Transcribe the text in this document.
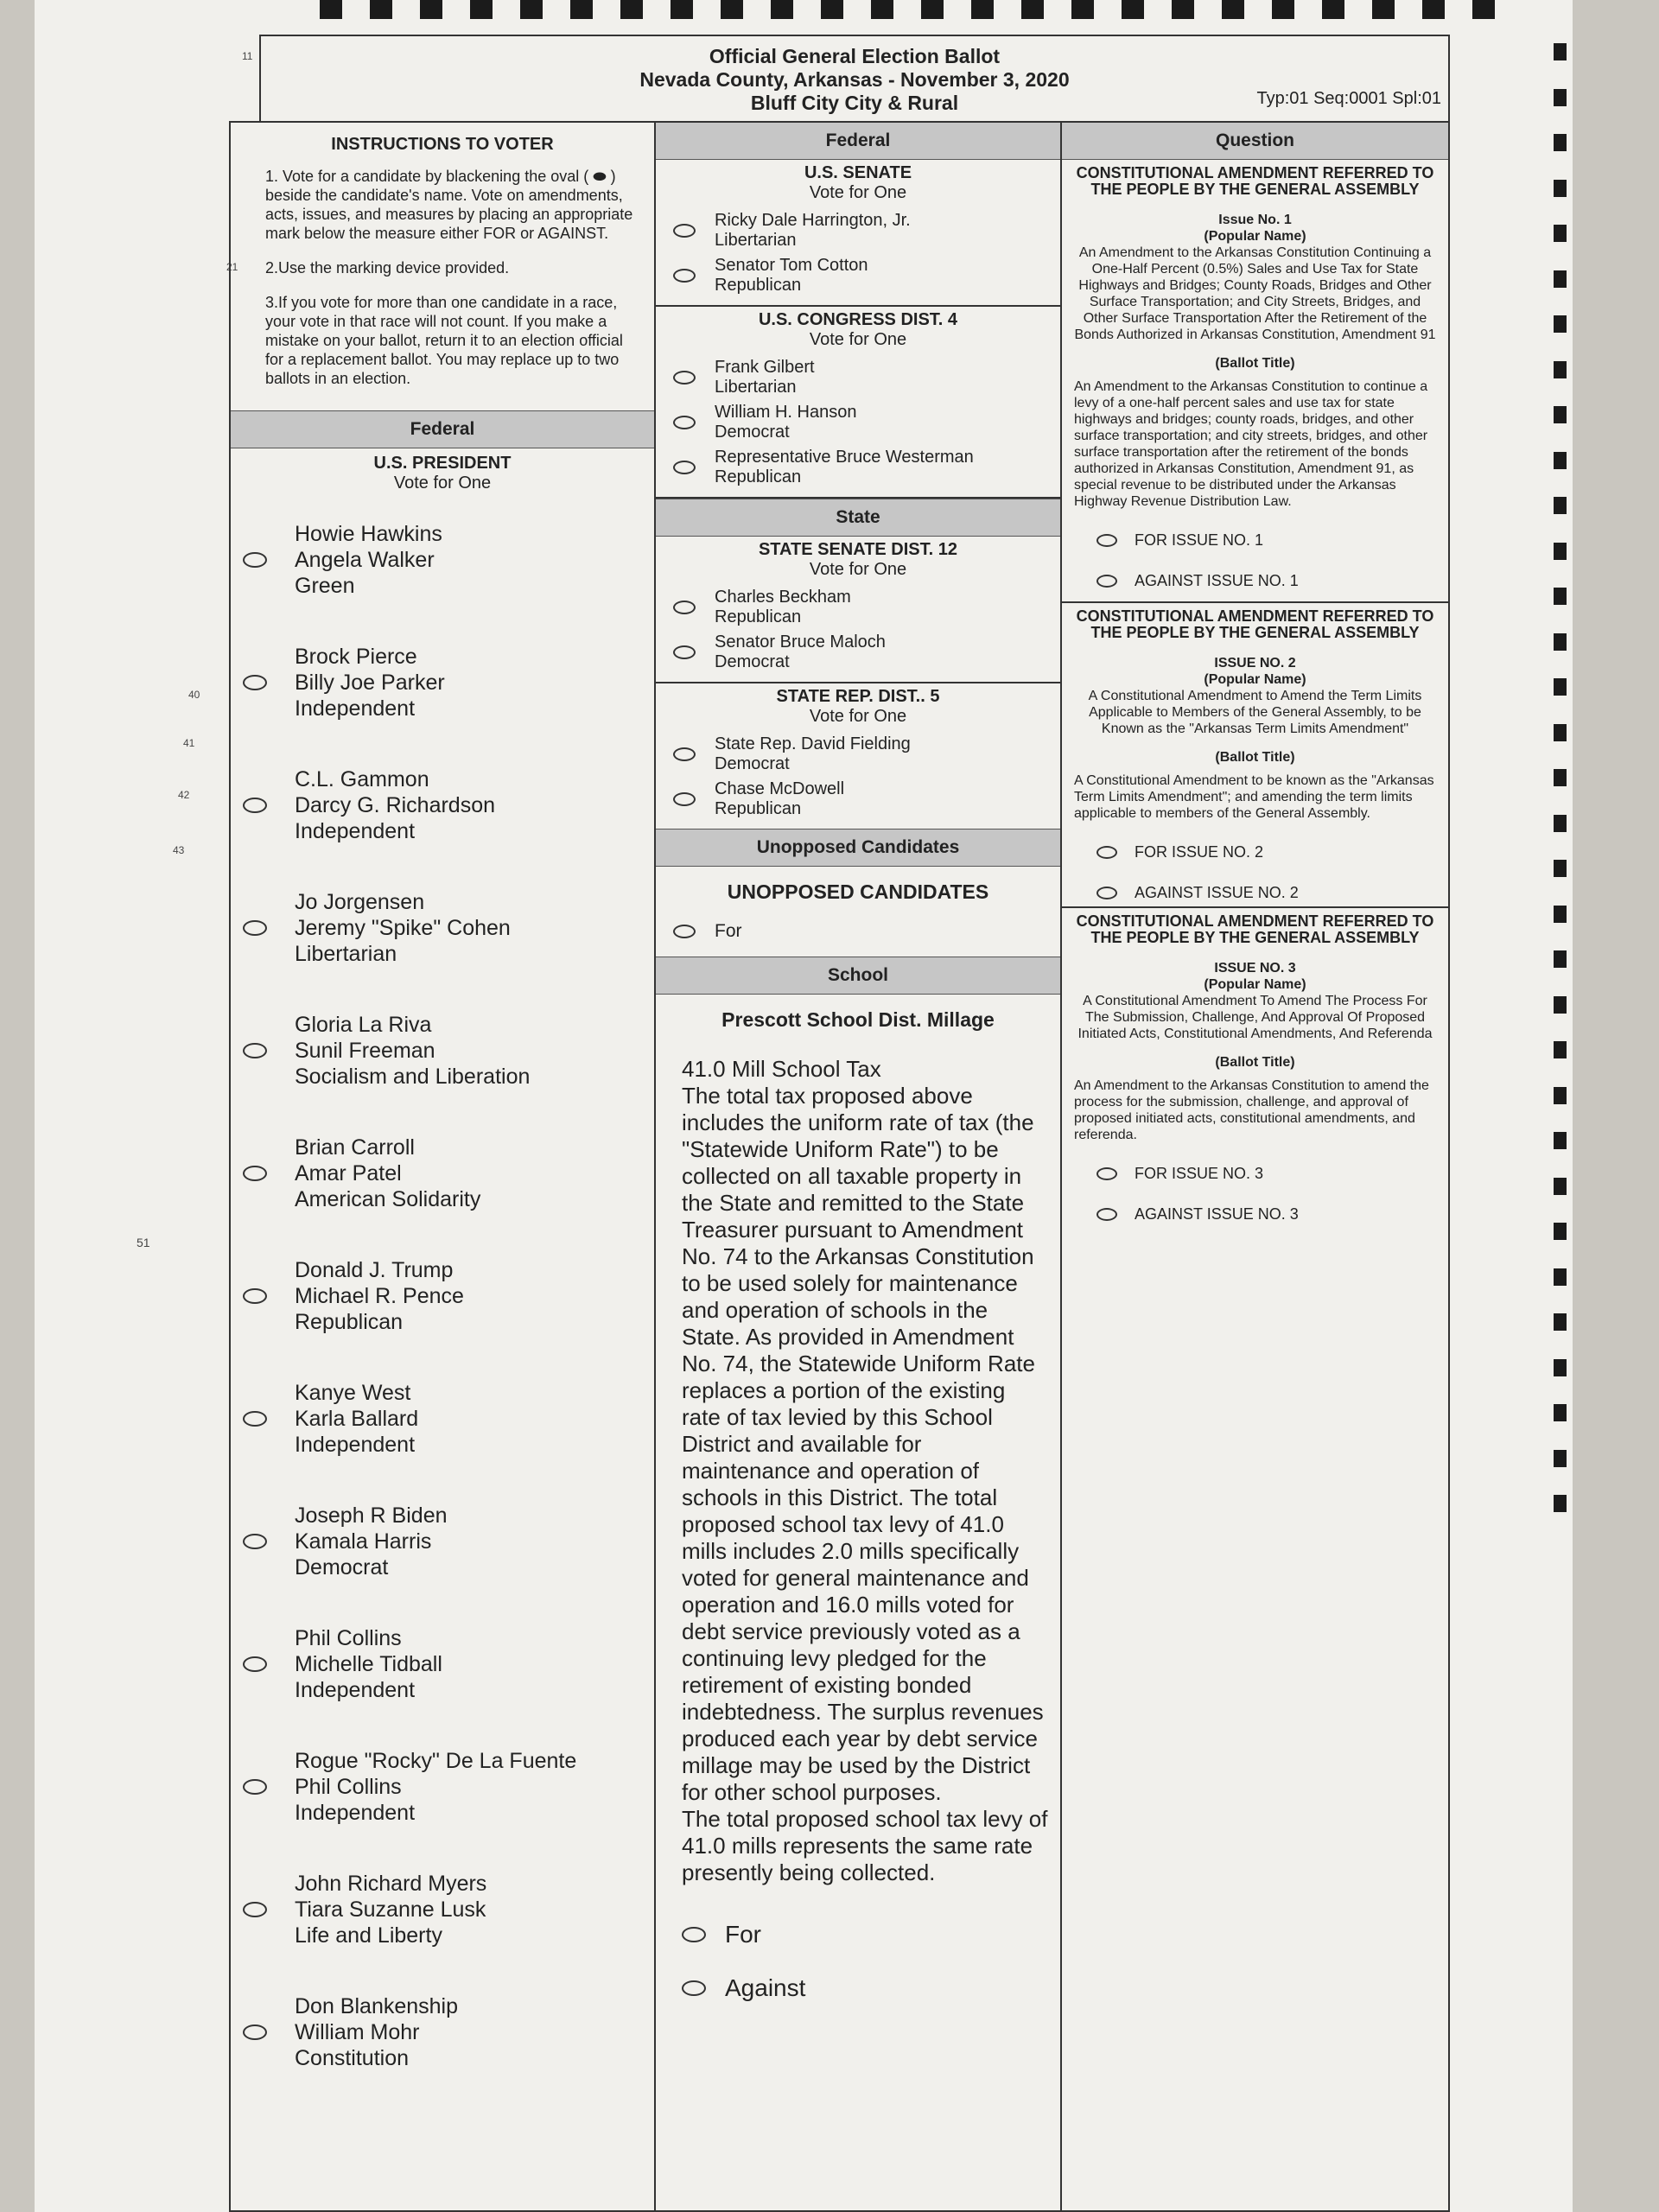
11
21
40
41
42
43
51
Official General Election Ballot
Nevada County, Arkansas - November 3, 2020
Bluff City City & Rural	Typ:01 Seq:0001 Spl:01
INSTRUCTIONS TO VOTER
1. Vote for a candidate by blackening the oval ( ⬬ ) beside the candidate's name. Vote on amendments, acts, issues, and measures by placing an appropriate mark below the measure either FOR or AGAINST.
2.Use the marking device provided.
3.If you vote for more than one candidate in a race, your vote in that race will not count. If you make a mistake on your ballot, return it to an election official for a replacement ballot. You may replace up to two ballots in an election.
Federal
U.S. PRESIDENT
Vote for One
Howie Hawkins
Angela Walker
Green
Brock Pierce
Billy Joe Parker
Independent
C.L. Gammon
Darcy G. Richardson
Independent
Jo Jorgensen
Jeremy "Spike" Cohen
Libertarian
Gloria La Riva
Sunil Freeman
Socialism and Liberation
Brian Carroll
Amar Patel
American Solidarity
Donald J. Trump
Michael R. Pence
Republican
Kanye West
Karla Ballard
Independent
Joseph R Biden
Kamala Harris
Democrat
Phil Collins
Michelle Tidball
Independent
Rogue "Rocky" De La Fuente
Phil Collins
Independent
John Richard Myers
Tiara Suzanne Lusk
Life and Liberty
Don Blankenship
William Mohr
Constitution
Federal
U.S. SENATE
Vote for One
Ricky Dale Harrington, Jr.
Libertarian
Senator Tom Cotton
Republican
U.S. CONGRESS DIST. 4
Vote for One
Frank Gilbert
Libertarian
William H. Hanson
Democrat
Representative Bruce Westerman
Republican
State
STATE SENATE DIST. 12
Vote for One
Charles Beckham
Republican
Senator Bruce Maloch
Democrat
STATE REP. DIST.. 5
Vote for One
State Rep. David Fielding
Democrat
Chase McDowell
Republican
Unopposed Candidates
UNOPPOSED CANDIDATES
For
School
Prescott School Dist. Millage
41.0 Mill School Tax
The total tax proposed above includes the uniform rate of tax (the "Statewide Uniform Rate") to be collected on all taxable property in the State and remitted to the State Treasurer pursuant to Amendment No. 74 to the Arkansas Constitution to be used solely for maintenance and operation of schools in the State. As provided in Amendment No. 74, the Statewide Uniform Rate replaces a portion of the existing rate of tax levied by this School District and available for maintenance and operation of schools in this District. The total proposed school tax levy of 41.0 mills includes 2.0 mills specifically voted for general maintenance and operation and 16.0 mills voted for debt service previously voted as a continuing levy pledged for the retirement of existing bonded indebtedness. The surplus revenues produced each year by debt service millage may be used by the District for other school purposes.
The total proposed school tax levy of 41.0 mills represents the same rate presently being collected.
For
Against
Question
CONSTITUTIONAL AMENDMENT REFERRED TO THE PEOPLE BY THE GENERAL ASSEMBLY
Issue No. 1
(Popular Name)
An Amendment to the Arkansas Constitution Continuing a One-Half Percent (0.5%) Sales and Use Tax for State Highways and Bridges; County Roads, Bridges and Other Surface Transportation; and City Streets, Bridges, and Other Surface Transportation After the Retirement of the Bonds Authorized in Arkansas Constitution, Amendment 91
(Ballot Title)
An Amendment to the Arkansas Constitution to continue a levy of a one-half percent sales and use tax for state highways and bridges; county roads, bridges, and other surface transportation; and city streets, bridges, and other surface transportation after the retirement of the bonds authorized in Arkansas Constitution, Amendment 91, as special revenue to be distributed under the Arkansas Highway Revenue Distribution Law.
FOR ISSUE NO. 1
AGAINST ISSUE NO. 1
CONSTITUTIONAL AMENDMENT REFERRED TO THE PEOPLE BY THE GENERAL ASSEMBLY
ISSUE NO. 2
(Popular Name)
A Constitutional Amendment to Amend the Term Limits Applicable to Members of the General Assembly, to be Known as the "Arkansas Term Limits Amendment"
(Ballot Title)
A Constitutional Amendment to be known as the "Arkansas Term Limits Amendment"; and amending the term limits applicable to members of the General Assembly.
FOR ISSUE NO. 2
AGAINST ISSUE NO. 2
CONSTITUTIONAL AMENDMENT REFERRED TO THE PEOPLE BY THE GENERAL ASSEMBLY
ISSUE NO. 3
(Popular Name)
A Constitutional Amendment To Amend The Process For The Submission, Challenge, And Approval Of Proposed Initiated Acts, Constitutional Amendments, And Referenda
(Ballot Title)
An Amendment to the Arkansas Constitution to amend the process for the submission, challenge, and approval of proposed initiated acts, constitutional amendments, and referenda.
FOR ISSUE NO. 3
AGAINST ISSUE NO. 3
